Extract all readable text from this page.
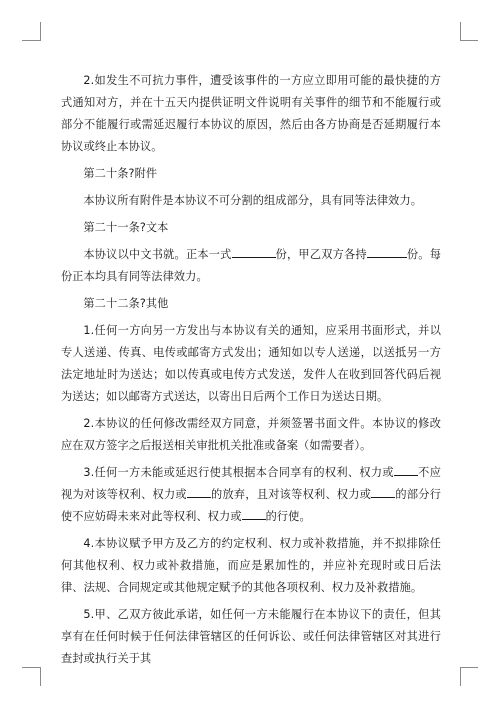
2.如发生不可抗力事件，遭受该事件的一方应立即用可能的最快捷的方式通知对方，并在十五天内提供证明文件说明有关事件的细节和不能履行或部分不能履行或需延迟履行本协议的原因，然后由各方协商是否延期履行本协议或终止本协议。

第二十条?附件

本协议所有附件是本协议不可分割的组成部分，具有同等法律效力。

第二十一条?文本

本协议以中文书就。正本一式	份，甲乙双方各持	份。每份正本均具有同等法律效力。

第二十二条?其他

1.任何一方向另一方发出与本协议有关的通知，应采用书面形式，并以专人送递、传真、电传或邮寄方式发出；通知如以专人送递，以送抵另一方法定地址时为送达；如以传真或电传方式发送，发件人在收到回答代码后视为送达；如以邮寄方式送达，以寄出日后两个工作日为送达日期。

2.本协议的任何修改需经双方同意，并须签署书面文件。本协议的修改应在双方签字之后报送相关审批机关批准或备案（如需要者）。

3.任何一方未能或延迟行使其根据本合同享有的权利、权力或 不应视为对该等权利、权力或 的放弃，且对该等权利、权力或 的部分行使不应妨碍未来对此等权利、权力或 的行使。

4.本协议赋予甲方及乙方的约定权利、权力或补救措施，并不拟排除任何其他权利、权力或补救措施，而应是累加性的，并应补充现时或日后法律、法规、合同规定或其他规定赋予的其他各项权利、权力及补救措施。

5.甲、乙双方彼此承诺，如任何一方未能履行在本协议下的责任，但其享有在任何时候于任何法律管辖区的任何诉讼、或任何法律管辖区对其进行查封或执行关于其
